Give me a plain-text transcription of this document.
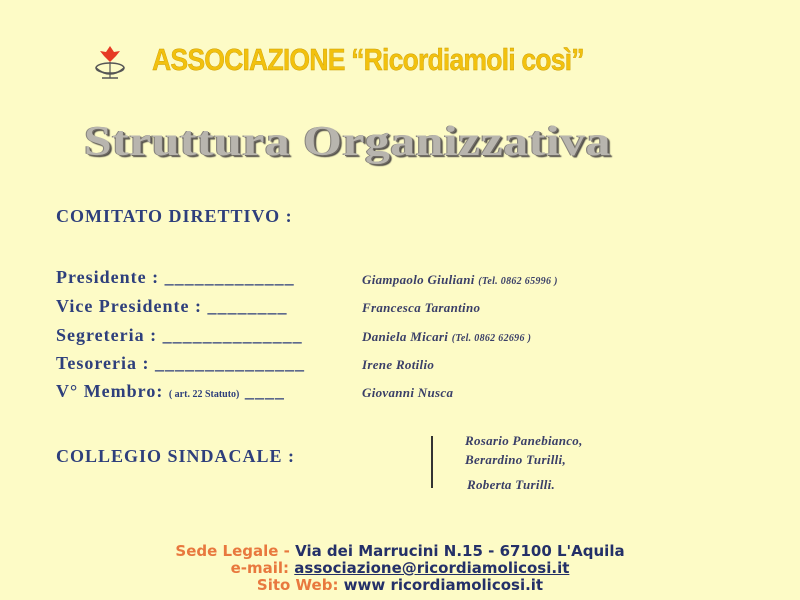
ASSOCIAZIONE “Ricordiamoli così”
Struttura Organizzativa
COMITATO DIRETTIVO :
Presidente : _____________	Giampaolo Giuliani (Tel. 0862 65996 )
Vice Presidente : ________	Francesca Tarantino
Segreteria : ______________	Daniela Micari (Tel. 0862 62696 )
Tesoreria : _______________	Irene Rotilio
V° Membro: ( art. 22 Statuto) ____	Giovanni Nusca
COLLEGIO SINDACALE :
Rosario Panebianco,
Berardino Turilli,
Roberta Turilli.
Sede Legale - Via dei Marrucini N.15 - 67100 L'Aquila
e-mail: associazione@ricordiamolicosi.it
Sito Web: www ricordiamolicosi.it
